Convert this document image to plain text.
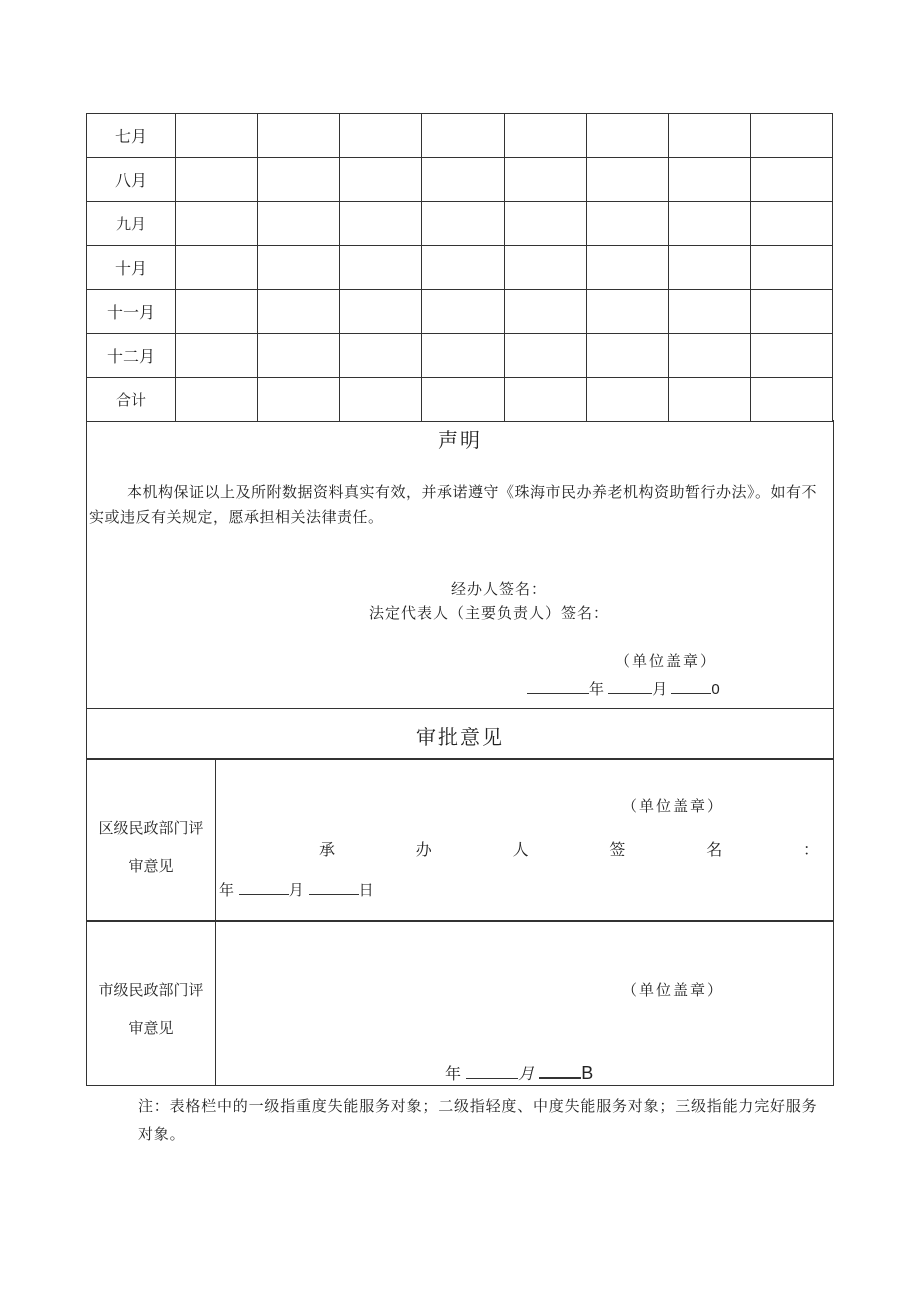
七月								
八月								
九月								
十月								
十一月								
十二月								
合计								
声明
本机构保证以上及所附数据资料真实有效，并承诺遵守《珠海市民办养老机构资助暂行办法》。如有不实或违反有关规定，愿承担相关法律责任。
经办人签名：
法定代表人（主要负责人）签名：
（单位盖章）
年	月	0
审批意见
区级民政部门评
审意见
（单位盖章）
承	办	人	签	名	：
年	月	日
市级民政部门评
审意见
（单位盖章）
年	月	B
注：表格栏中的一级指重度失能服务对象；二级指轻度、中度失能服务对象；三级指能力完好服务对象。
